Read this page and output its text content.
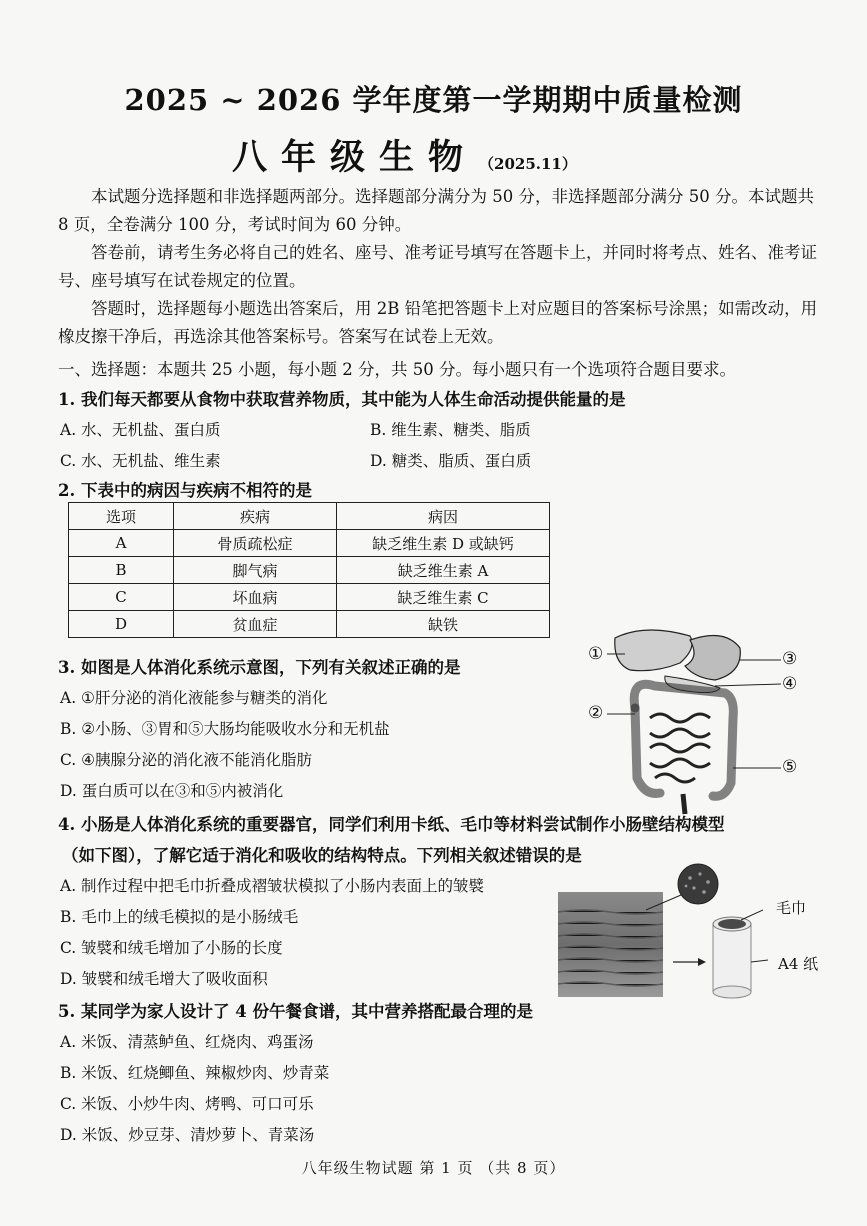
2025 ~ 2026 学年度第一学期期中质量检测
八年级生物 （2025.11）
本试题分选择题和非选择题两部分。选择题部分满分为 50 分，非选择题部分满分 50 分。本试题共 8 页，全卷满分 100 分，考试时间为 60 分钟。
答卷前，请考生务必将自己的姓名、座号、准考证号填写在答题卡上，并同时将考点、姓名、准考证号、座号填写在试卷规定的位置。
答题时，选择题每小题选出答案后，用 2B 铅笔把答题卡上对应题目的答案标号涂黑；如需改动，用橡皮擦干净后，再选涂其他答案标号。答案写在试卷上无效。
一、选择题：本题共 25 小题，每小题 2 分，共 50 分。每小题只有一个选项符合题目要求。
1. 我们每天都要从食物中获取营养物质，其中能为人体生命活动提供能量的是
A. 水、无机盐、蛋白质	B. 维生素、糖类、脂质
C. 水、无机盐、维生素	D. 糖类、脂质、蛋白质
2. 下表中的病因与疾病不相符的是
选项	疾病	病因
A	骨质疏松症	缺乏维生素 D 或缺钙
B	脚气病	缺乏维生素 A
C	坏血病	缺乏维生素 C
D	贫血症	缺铁
3. 如图是人体消化系统示意图，下列有关叙述正确的是
A. ①肝分泌的消化液能参与糖类的消化
B. ②小肠、③胃和⑤大肠均能吸收水分和无机盐
C. ④胰腺分泌的消化液不能消化脂肪
D. 蛋白质可以在③和⑤内被消化
①
②
③
④
⑤
4. 小肠是人体消化系统的重要器官，同学们利用卡纸、毛巾等材料尝试制作小肠壁结构模型
（如下图），了解它适于消化和吸收的结构特点。下列相关叙述错误的是
A. 制作过程中把毛巾折叠成褶皱状模拟了小肠内表面上的皱襞
B. 毛巾上的绒毛模拟的是小肠绒毛
C. 皱襞和绒毛增加了小肠的长度
D. 皱襞和绒毛增大了吸收面积
毛巾
A4 纸
5. 某同学为家人设计了 4 份午餐食谱，其中营养搭配最合理的是
A. 米饭、清蒸鲈鱼、红烧肉、鸡蛋汤
B. 米饭、红烧鲫鱼、辣椒炒肉、炒青菜
C. 米饭、小炒牛肉、烤鸭、可口可乐
D. 米饭、炒豆芽、清炒萝卜、青菜汤
八年级生物试题 第 1 页 （共 8 页）
